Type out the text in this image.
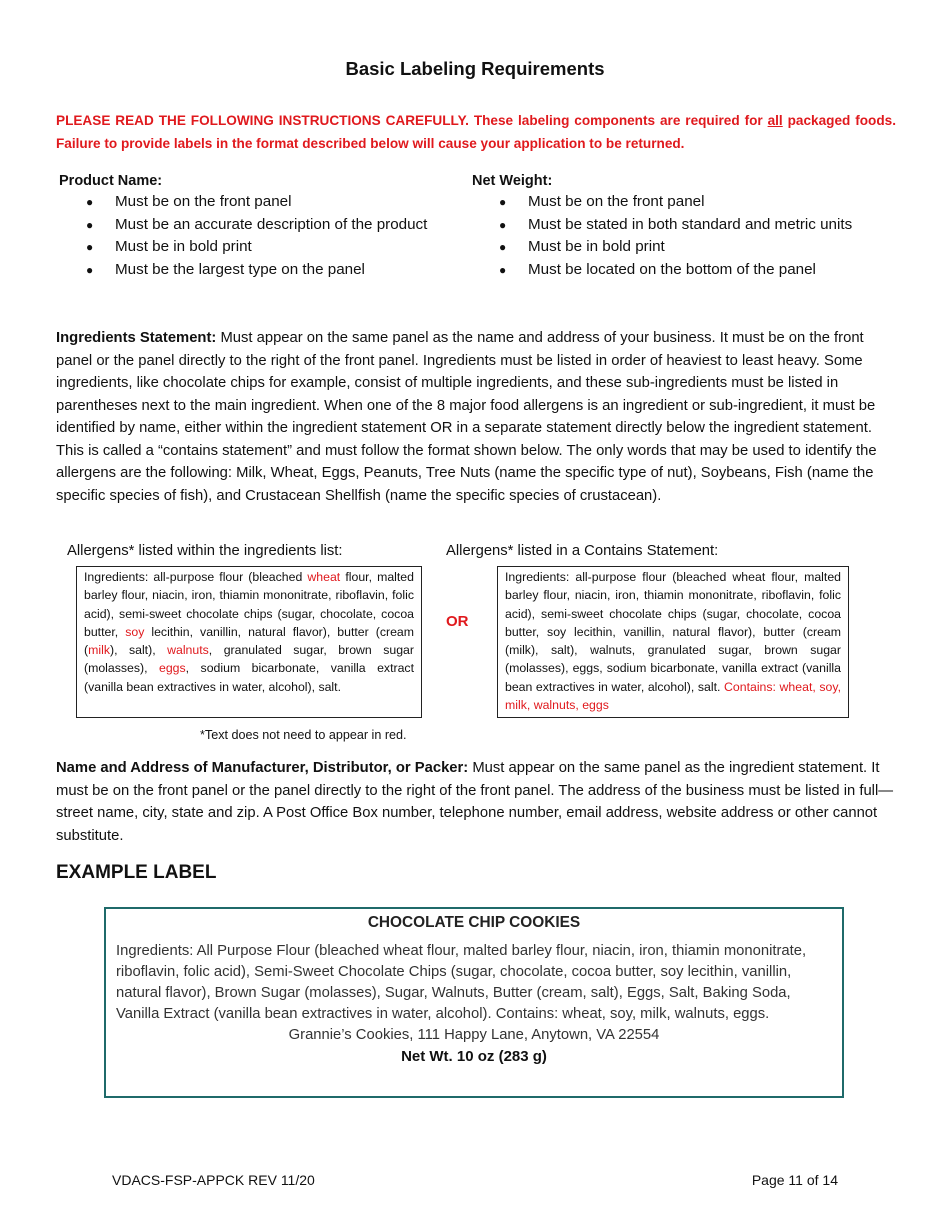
Basic Labeling Requirements
PLEASE READ THE FOLLOWING INSTRUCTIONS CAREFULLY. These labeling components are required for all packaged foods. Failure to provide labels in the format described below will cause your application to be returned.
Product Name:
● Must be on the front panel
● Must be an accurate description of the product
● Must be in bold print
● Must be the largest type on the panel
Net Weight:
● Must be on the front panel
● Must be stated in both standard and metric units
● Must be in bold print
● Must be located on the bottom of the panel
Ingredients Statement: Must appear on the same panel as the name and address of your business. It must be on the front panel or the panel directly to the right of the front panel. Ingredients must be listed in order of heaviest to least heavy. Some ingredients, like chocolate chips for example, consist of multiple ingredients, and these sub-ingredients must be listed in parentheses next to the main ingredient. When one of the 8 major food allergens is an ingredient or sub-ingredient, it must be identified by name, either within the ingredient statement OR in a separate statement directly below the ingredient statement. This is called a “contains statement” and must follow the format shown below. The only words that may be used to identify the allergens are the following: Milk, Wheat, Eggs, Peanuts, Tree Nuts (name the specific type of nut), Soybeans, Fish (name the specific species of fish), and Crustacean Shellfish (name the specific species of crustacean).
Allergens* listed within the ingredients list:	Allergens* listed in a Contains Statement:
Ingredients: all-purpose flour (bleached wheat flour, malted barley flour, niacin, iron, thiamin mononitrate, riboflavin, folic acid), semi-sweet chocolate chips (sugar, chocolate, cocoa butter, soy lecithin, vanillin, natural flavor), butter (cream (milk), salt), walnuts, granulated sugar, brown sugar (molasses), eggs, sodium bicarbonate, vanilla extract (vanilla bean extractives in water, alcohol), salt.
OR
Ingredients: all-purpose flour (bleached wheat flour, malted barley flour, niacin, iron, thiamin mononitrate, riboflavin, folic acid), semi-sweet chocolate chips (sugar, chocolate, cocoa butter, soy lecithin, vanillin, natural flavor), butter (cream (milk), salt), walnuts, granulated sugar, brown sugar (molasses), eggs, sodium bicarbonate, vanilla extract (vanilla bean extractives in water, alcohol), salt. Contains: wheat, soy, milk, walnuts, eggs
*Text does not need to appear in red.
Name and Address of Manufacturer, Distributor, or Packer: Must appear on the same panel as the ingredient statement. It must be on the front panel or the panel directly to the right of the front panel. The address of the business must be listed in full—street name, city, state and zip. A Post Office Box number, telephone number, email address, website address or other cannot substitute.
EXAMPLE LABEL
CHOCOLATE CHIP COOKIES
Ingredients: All Purpose Flour (bleached wheat flour, malted barley flour, niacin, iron, thiamin mononitrate, riboflavin, folic acid), Semi-Sweet Chocolate Chips (sugar, chocolate, cocoa butter, soy lecithin, vanillin, natural flavor), Brown Sugar (molasses), Sugar, Walnuts, Butter (cream, salt), Eggs, Salt, Baking Soda, Vanilla Extract (vanilla bean extractives in water, alcohol). Contains: wheat, soy, milk, walnuts, eggs.
Grannie’s Cookies, 111 Happy Lane, Anytown, VA 22554
Net Wt. 10 oz (283 g)
VDACS-FSP-APPCK REV 11/20	Page 11 of 14
